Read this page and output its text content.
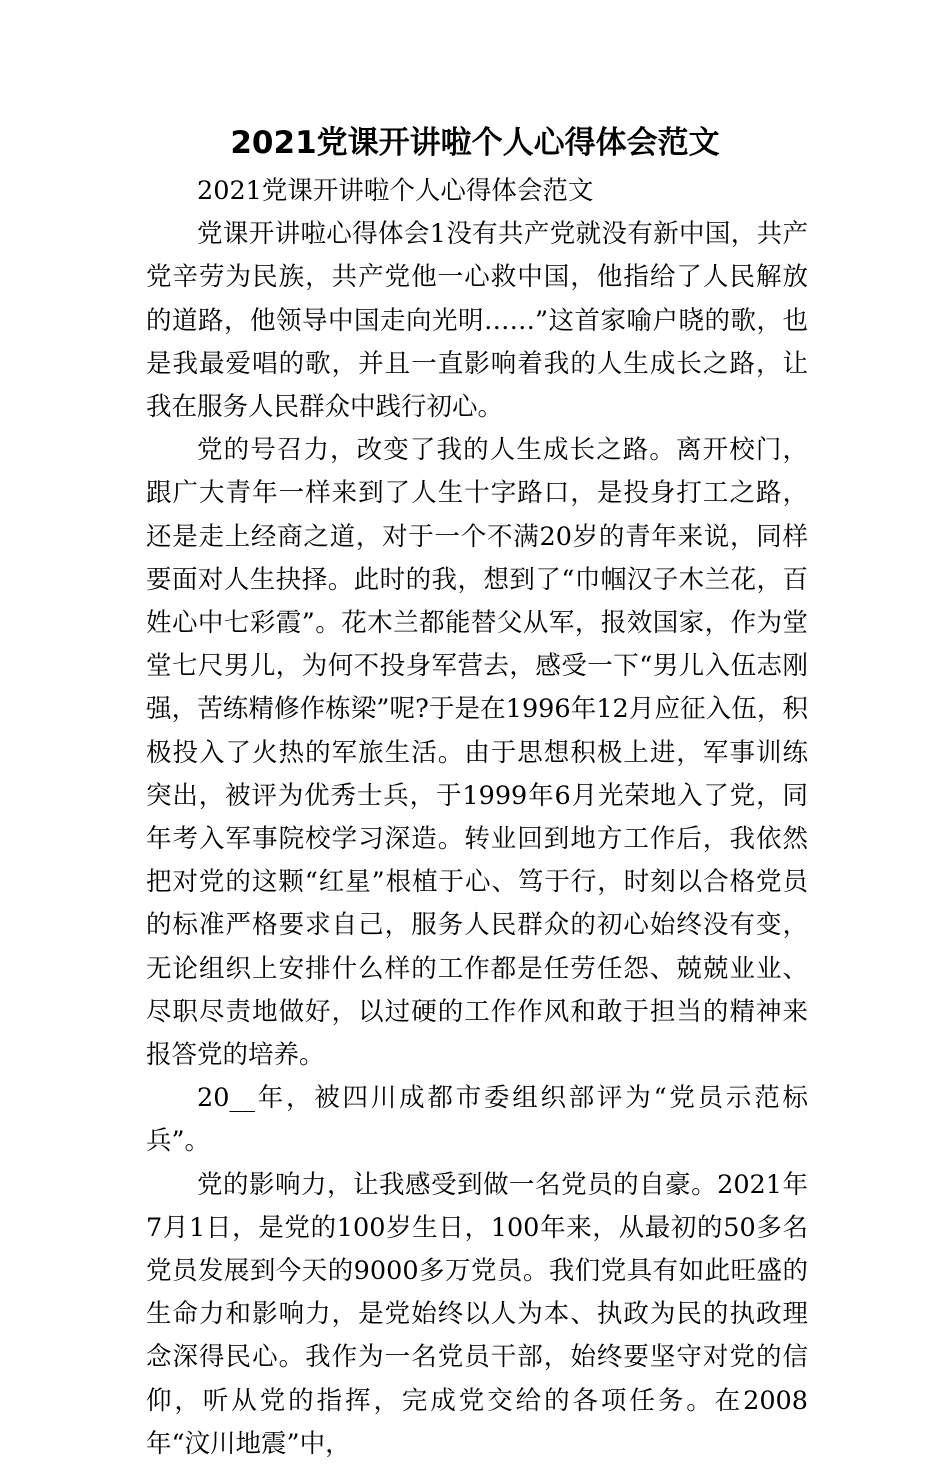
2021党课开讲啦个人心得体会范文

2021党课开讲啦个人心得体会范文

党课开讲啦心得体会1没有共产党就没有新中国，共产党辛劳为民族，共产党他一心救中国，他指给了人民解放的道路，他领导中国走向光明……”这首家喻户晓的歌，也是我最爱唱的歌，并且一直影响着我的人生成长之路，让我在服务人民群众中践行初心。

党的号召力，改变了我的人生成长之路。离开校门，跟广大青年一样来到了人生十字路口，是投身打工之路，还是走上经商之道，对于一个不满20岁的青年来说，同样要面对人生抉择。此时的我，想到了“巾帼汉子木兰花，百姓心中七彩霞”。花木兰都能替父从军，报效国家，作为堂堂七尺男儿，为何不投身军营去，感受一下“男儿入伍志刚强，苦练精修作栋梁”呢?于是在1996年12月应征入伍，积极投入了火热的军旅生活。由于思想积极上进，军事训练突出，被评为优秀士兵，于1999年6月光荣地入了党，同年考入军事院校学习深造。转业回到地方工作后，我依然把对党的这颗“红星”根植于心、笃于行，时刻以合格党员的标准严格要求自己，服务人民群众的初心始终没有变，无论组织上安排什么样的工作都是任劳任怨、兢兢业业、尽职尽责地做好，以过硬的工作作风和敢于担当的精神来报答党的培养。

20__年，被四川成都市委组织部评为“党员示范标兵”。

党的影响力，让我感受到做一名党员的自豪。2021年7月1日，是党的100岁生日，100年来，从最初的50多名党员发展到今天的9000多万党员。我们党具有如此旺盛的生命力和影响力，是党始终以人为本、执政为民的执政理念深得民心。我作为一名党员干部，始终要坚守对党的信仰，听从党的指挥，完成党交给的各项任务。在2008年“汶川地震”中，
